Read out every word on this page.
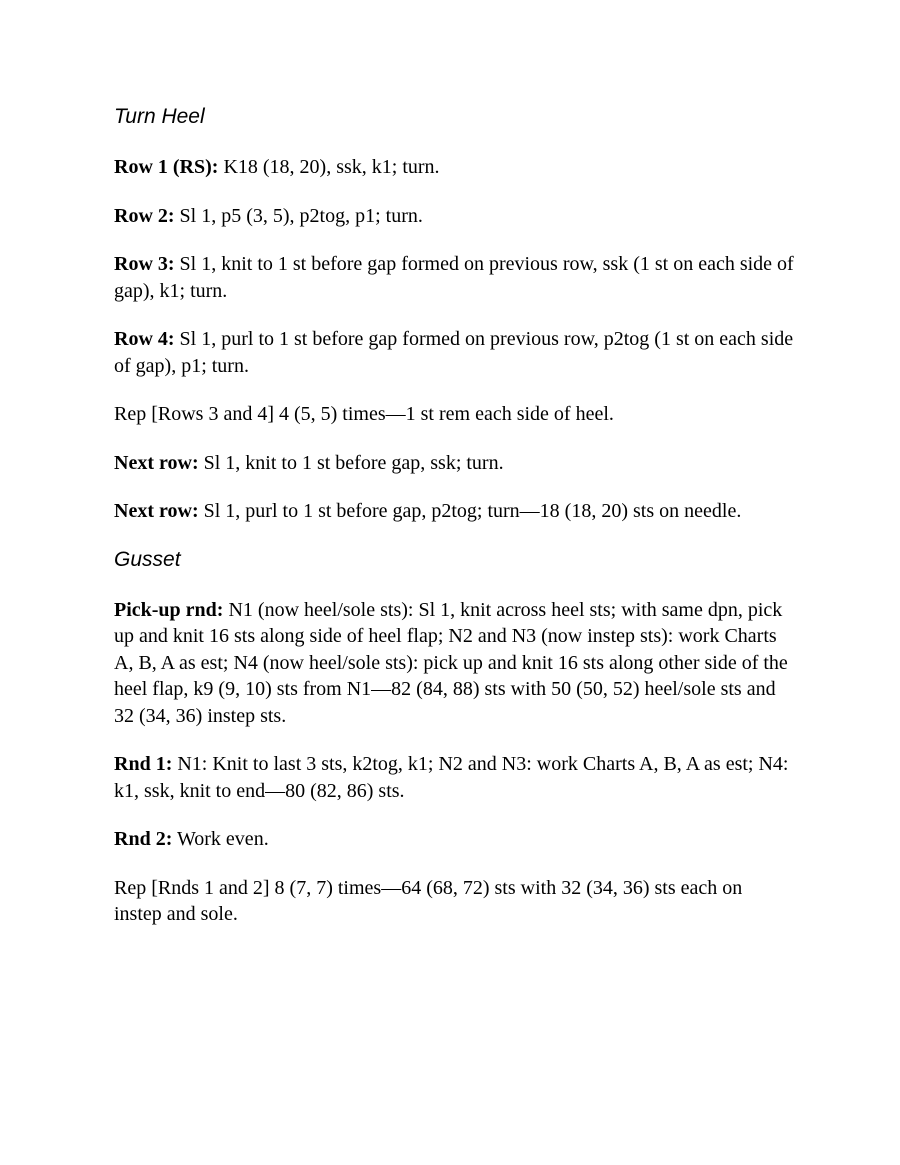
Turn Heel

Row 1 (RS): K18 (18, 20), ssk, k1; turn.

Row 2: Sl 1, p5 (3, 5), p2tog, p1; turn.

Row 3: Sl 1, knit to 1 st before gap formed on previous row, ssk (1 st on each side of gap), k1; turn.

Row 4: Sl 1, purl to 1 st before gap formed on previous row, p2tog (1 st on each side of gap), p1; turn.

Rep [Rows 3 and 4] 4 (5, 5) times—1 st rem each side of heel.

Next row: Sl 1, knit to 1 st before gap, ssk; turn.

Next row: Sl 1, purl to 1 st before gap, p2tog; turn—18 (18, 20) sts on needle.

Gusset

Pick-up rnd: N1 (now heel/sole sts): Sl 1, knit across heel sts; with same dpn, pick up and knit 16 sts along side of heel flap; N2 and N3 (now instep sts): work Charts A, B, A as est; N4 (now heel/sole sts): pick up and knit 16 sts along other side of the heel flap, k9 (9, 10) sts from N1—82 (84, 88) sts with 50 (50, 52) heel/sole sts and 32 (34, 36) instep sts.

Rnd 1: N1: Knit to last 3 sts, k2tog, k1; N2 and N3: work Charts A, B, A as est; N4: k1, ssk, knit to end—80 (82, 86) sts.

Rnd 2: Work even.

Rep [Rnds 1 and 2] 8 (7, 7) times—64 (68, 72) sts with 32 (34, 36) sts each on instep and sole.
